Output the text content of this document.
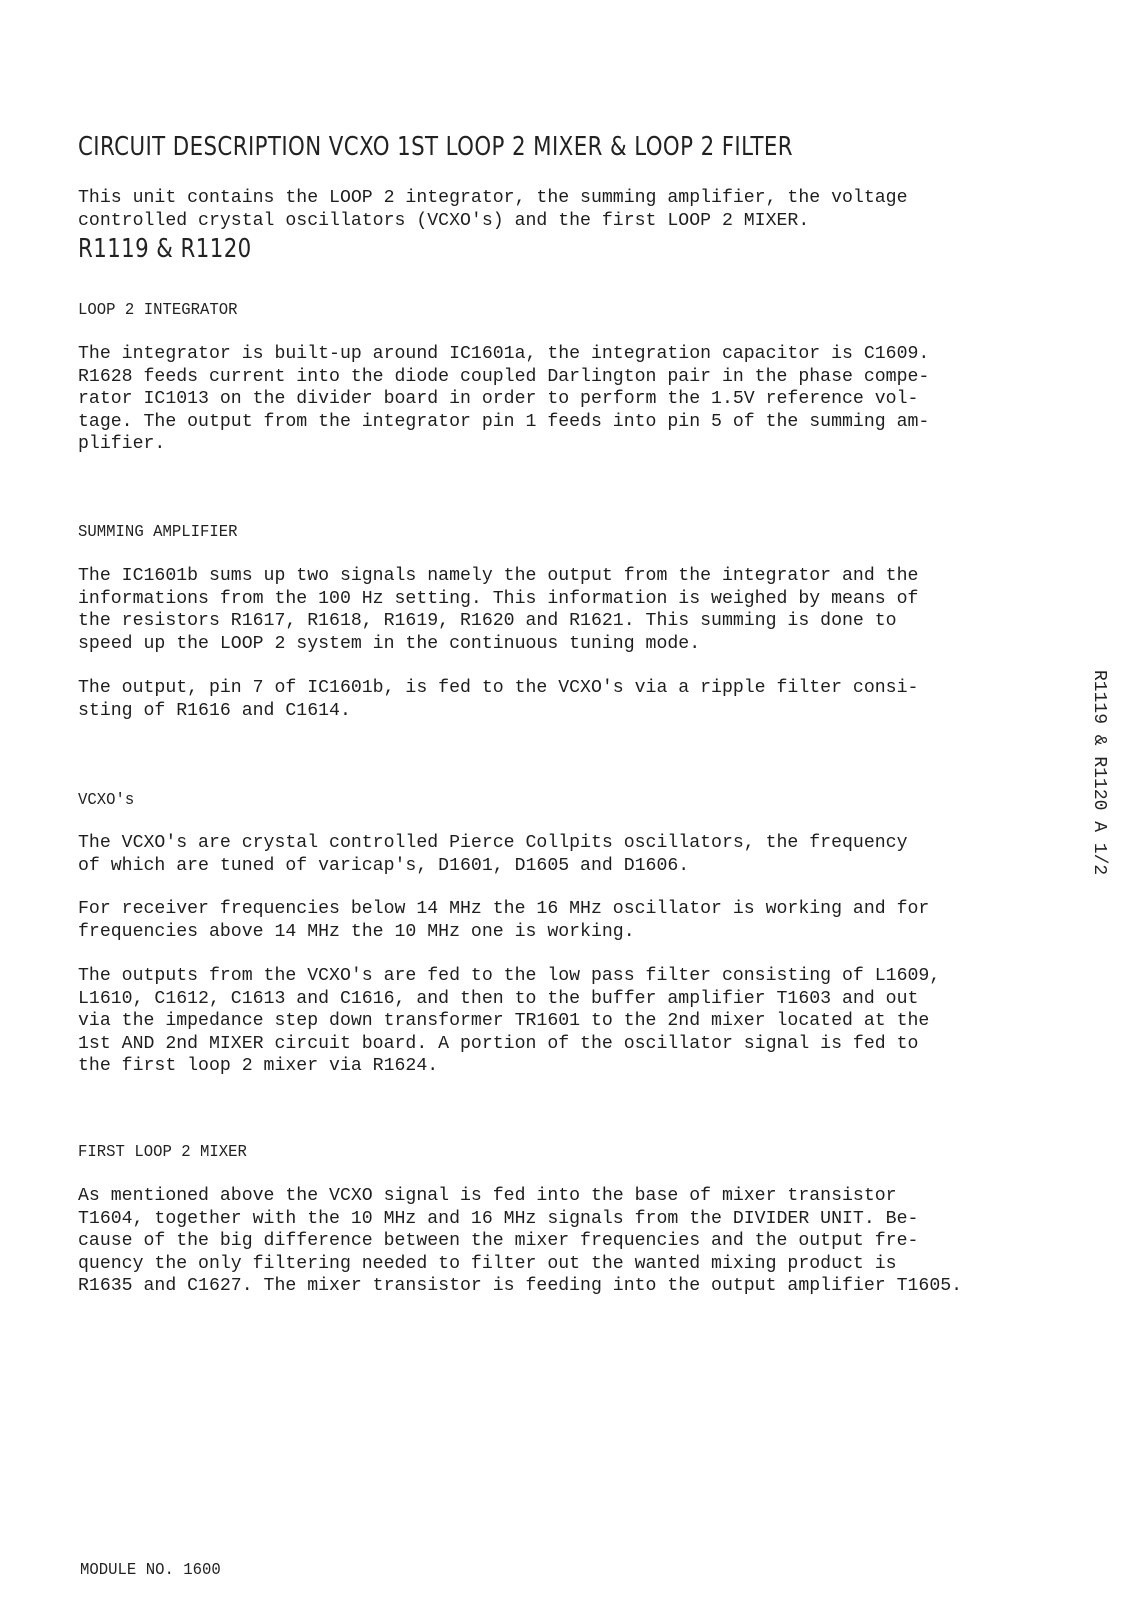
CIRCUIT DESCRIPTION VCXO 1ST LOOP 2 MIXER & LOOP 2 FILTER

R1119 & R1120

This unit contains the LOOP 2 integrator, the summing amplifier, the voltage
controlled crystal oscillators (VCXO's) and the first LOOP 2 MIXER.

LOOP 2 INTEGRATOR

The integrator is built-up around IC1601a, the integration capacitor is C1609.
R1628 feeds current into the diode coupled Darlington pair in the phase compe-
rator IC1013 on the divider board in order to perform the 1.5V reference vol-
tage. The output from the integrator pin 1 feeds into pin 5 of the summing am-
plifier.

SUMMING AMPLIFIER

The IC1601b sums up two signals namely the output from the integrator and the
informations from the 100 Hz setting. This information is weighed by means of
the resistors R1617, R1618, R1619, R1620 and R1621. This summing is done to
speed up the LOOP 2 system in the continuous tuning mode.

The output, pin 7 of IC1601b, is fed to the VCXO's via a ripple filter consi-
sting of R1616 and C1614.

VCXO's

The VCXO's are crystal controlled Pierce Collpits oscillators, the frequency
of which are tuned of varicap's, D1601, D1605 and D1606.

For receiver frequencies below 14 MHz the 16 MHz oscillator is working and for
frequencies above 14 MHz the 10 MHz one is working.

The outputs from the VCXO's are fed to the low pass filter consisting of L1609,
L1610, C1612, C1613 and C1616, and then to the buffer amplifier T1603 and out
via the impedance step down transformer TR1601 to the 2nd mixer located at the
1st AND 2nd MIXER circuit board. A portion of the oscillator signal is fed to
the first loop 2 mixer via R1624.

FIRST LOOP 2 MIXER

As mentioned above the VCXO signal is fed into the base of mixer transistor
T1604, together with the 10 MHz and 16 MHz signals from the DIVIDER UNIT. Be-
cause of the big difference between the mixer frequencies and the output fre-
quency the only filtering needed to filter out the wanted mixing product is
R1635 and C1627. The mixer transistor is feeding into the output amplifier T1605.

R1119 & R1120 A 1/2
MODULE NO. 1600
